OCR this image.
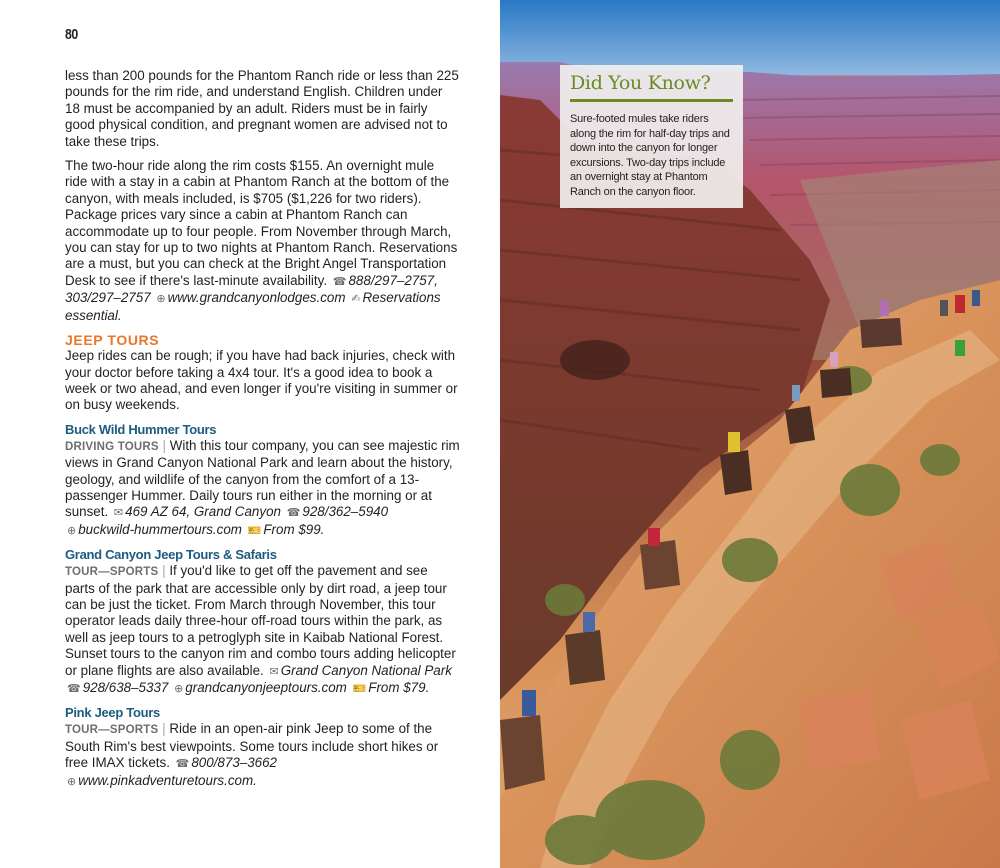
80

less than 200 pounds for the Phantom Ranch ride or less than 225 pounds for the rim ride, and understand English. Children under 18 must be accompanied by an adult. Riders must be in fairly good physical condition, and pregnant women are advised not to take these trips.

The two-hour ride along the rim costs $155. An overnight mule ride with a stay in a cabin at Phantom Ranch at the bottom of the canyon, with meals included, is $705 ($1,226 for two riders). Package prices vary since a cabin at Phantom Ranch can accommodate up to four people. From November through March, you can stay for up to two nights at Phantom Ranch. Reservations are a must, but you can check at the Bright Angel Transportation Desk to see if there's last-minute availability. ☎ 888/297–2757, 303/297–2757 ⊕ www.grandcanyonlodges.com ✍ Reservations essential.

JEEP TOURS

Jeep rides can be rough; if you have had back injuries, check with your doctor before taking a 4x4 tour. It's a good idea to book a week or two ahead, and even longer if you're visiting in summer or on busy weekends.

Buck Wild Hummer Tours
DRIVING TOURS | With this tour company, you can see majestic rim views in Grand Canyon National Park and learn about the history, geology, and wildlife of the canyon from the comfort of a 13-passenger Hummer. Daily tours run either in the morning or at sunset. ✉ 469 AZ 64, Grand Canyon ☎ 928/362–5940 ⊕ buckwild-hummertours.com 🎫 From $99.
Grand Canyon Jeep Tours & Safaris
TOUR—SPORTS | If you'd like to get off the pavement and see parts of the park that are accessible only by dirt road, a jeep tour can be just the ticket. From March through November, this tour operator leads daily three-hour off-road tours within the park, as well as jeep tours to a petroglyph site in Kaibab National Forest. Sunset tours to the canyon rim and combo tours adding helicopter or plane flights are also available. ✉ Grand Canyon National Park ☎ 928/638–5337 ⊕ grandcanyonjeeptours.com 🎫 From $79.
Pink Jeep Tours
TOUR—SPORTS | Ride in an open-air pink Jeep to some of the South Rim's best viewpoints. Some tours include short hikes or free IMAX tickets. ☎ 800/873–3662 ⊕ www.pinkadventuretours.com.
Did You Know?

Sure-footed mules take riders along the rim for half-day trips and down into the canyon for longer excursions. Two-day trips include an overnight stay at Phantom Ranch on the canyon floor.
